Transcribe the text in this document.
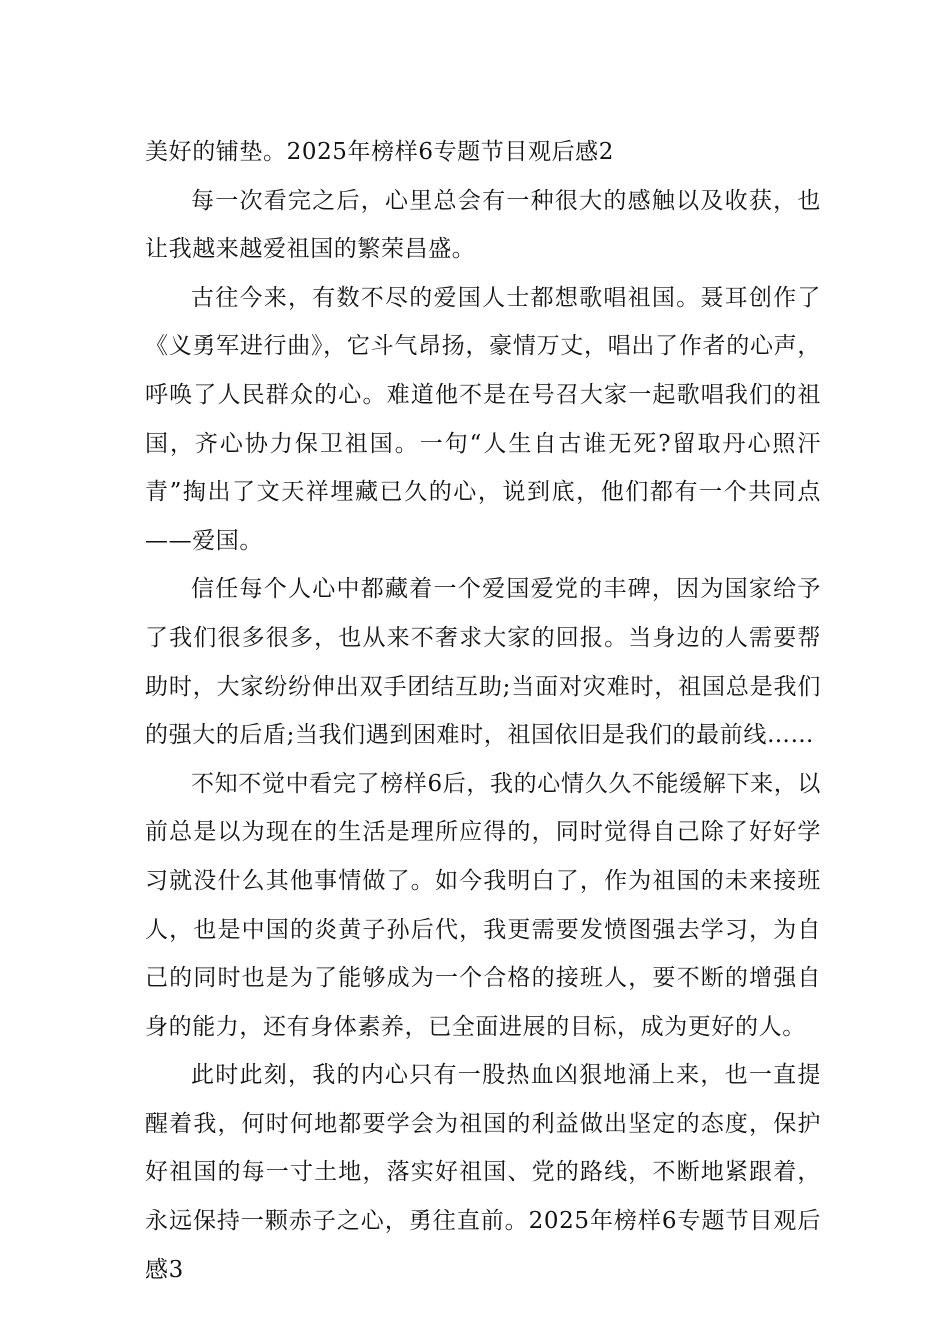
美好的铺垫。2025年榜样6专题节目观后感2

每一次看完之后，心里总会有一种很大的感触以及收获，也让我越来越爱祖国的繁荣昌盛。

古往今来，有数不尽的爱国人士都想歌唱祖国。聂耳创作了《义勇军进行曲》，它斗气昂扬，豪情万丈，唱出了作者的心声，呼唤了人民群众的心。难道他不是在号召大家一起歌唱我们的祖国，齐心协力保卫祖国。一句“人生自古谁无死?留取丹心照汗青”掏出了文天祥埋藏已久的心，说到底，他们都有一个共同点——爱国。

信任每个人心中都藏着一个爱国爱党的丰碑，因为国家给予了我们很多很多，也从来不奢求大家的回报。当身边的人需要帮助时，大家纷纷伸出双手团结互助;当面对灾难时，祖国总是我们的强大的后盾;当我们遇到困难时，祖国依旧是我们的最前线……

不知不觉中看完了榜样6后，我的心情久久不能缓解下来，以前总是以为现在的生活是理所应得的，同时觉得自己除了好好学习就没什么其他事情做了。如今我明白了，作为祖国的未来接班人，也是中国的炎黄子孙后代，我更需要发愤图强去学习，为自己的同时也是为了能够成为一个合格的接班人，要不断的增强自身的能力，还有身体素养，已全面进展的目标，成为更好的人。

此时此刻，我的内心只有一股热血凶狠地涌上来，也一直提醒着我，何时何地都要学会为祖国的利益做出坚定的态度，保护好祖国的每一寸土地，落实好祖国、党的路线，不断地紧跟着，永远保持一颗赤子之心，勇往直前。2025年榜样6专题节目观后感3
